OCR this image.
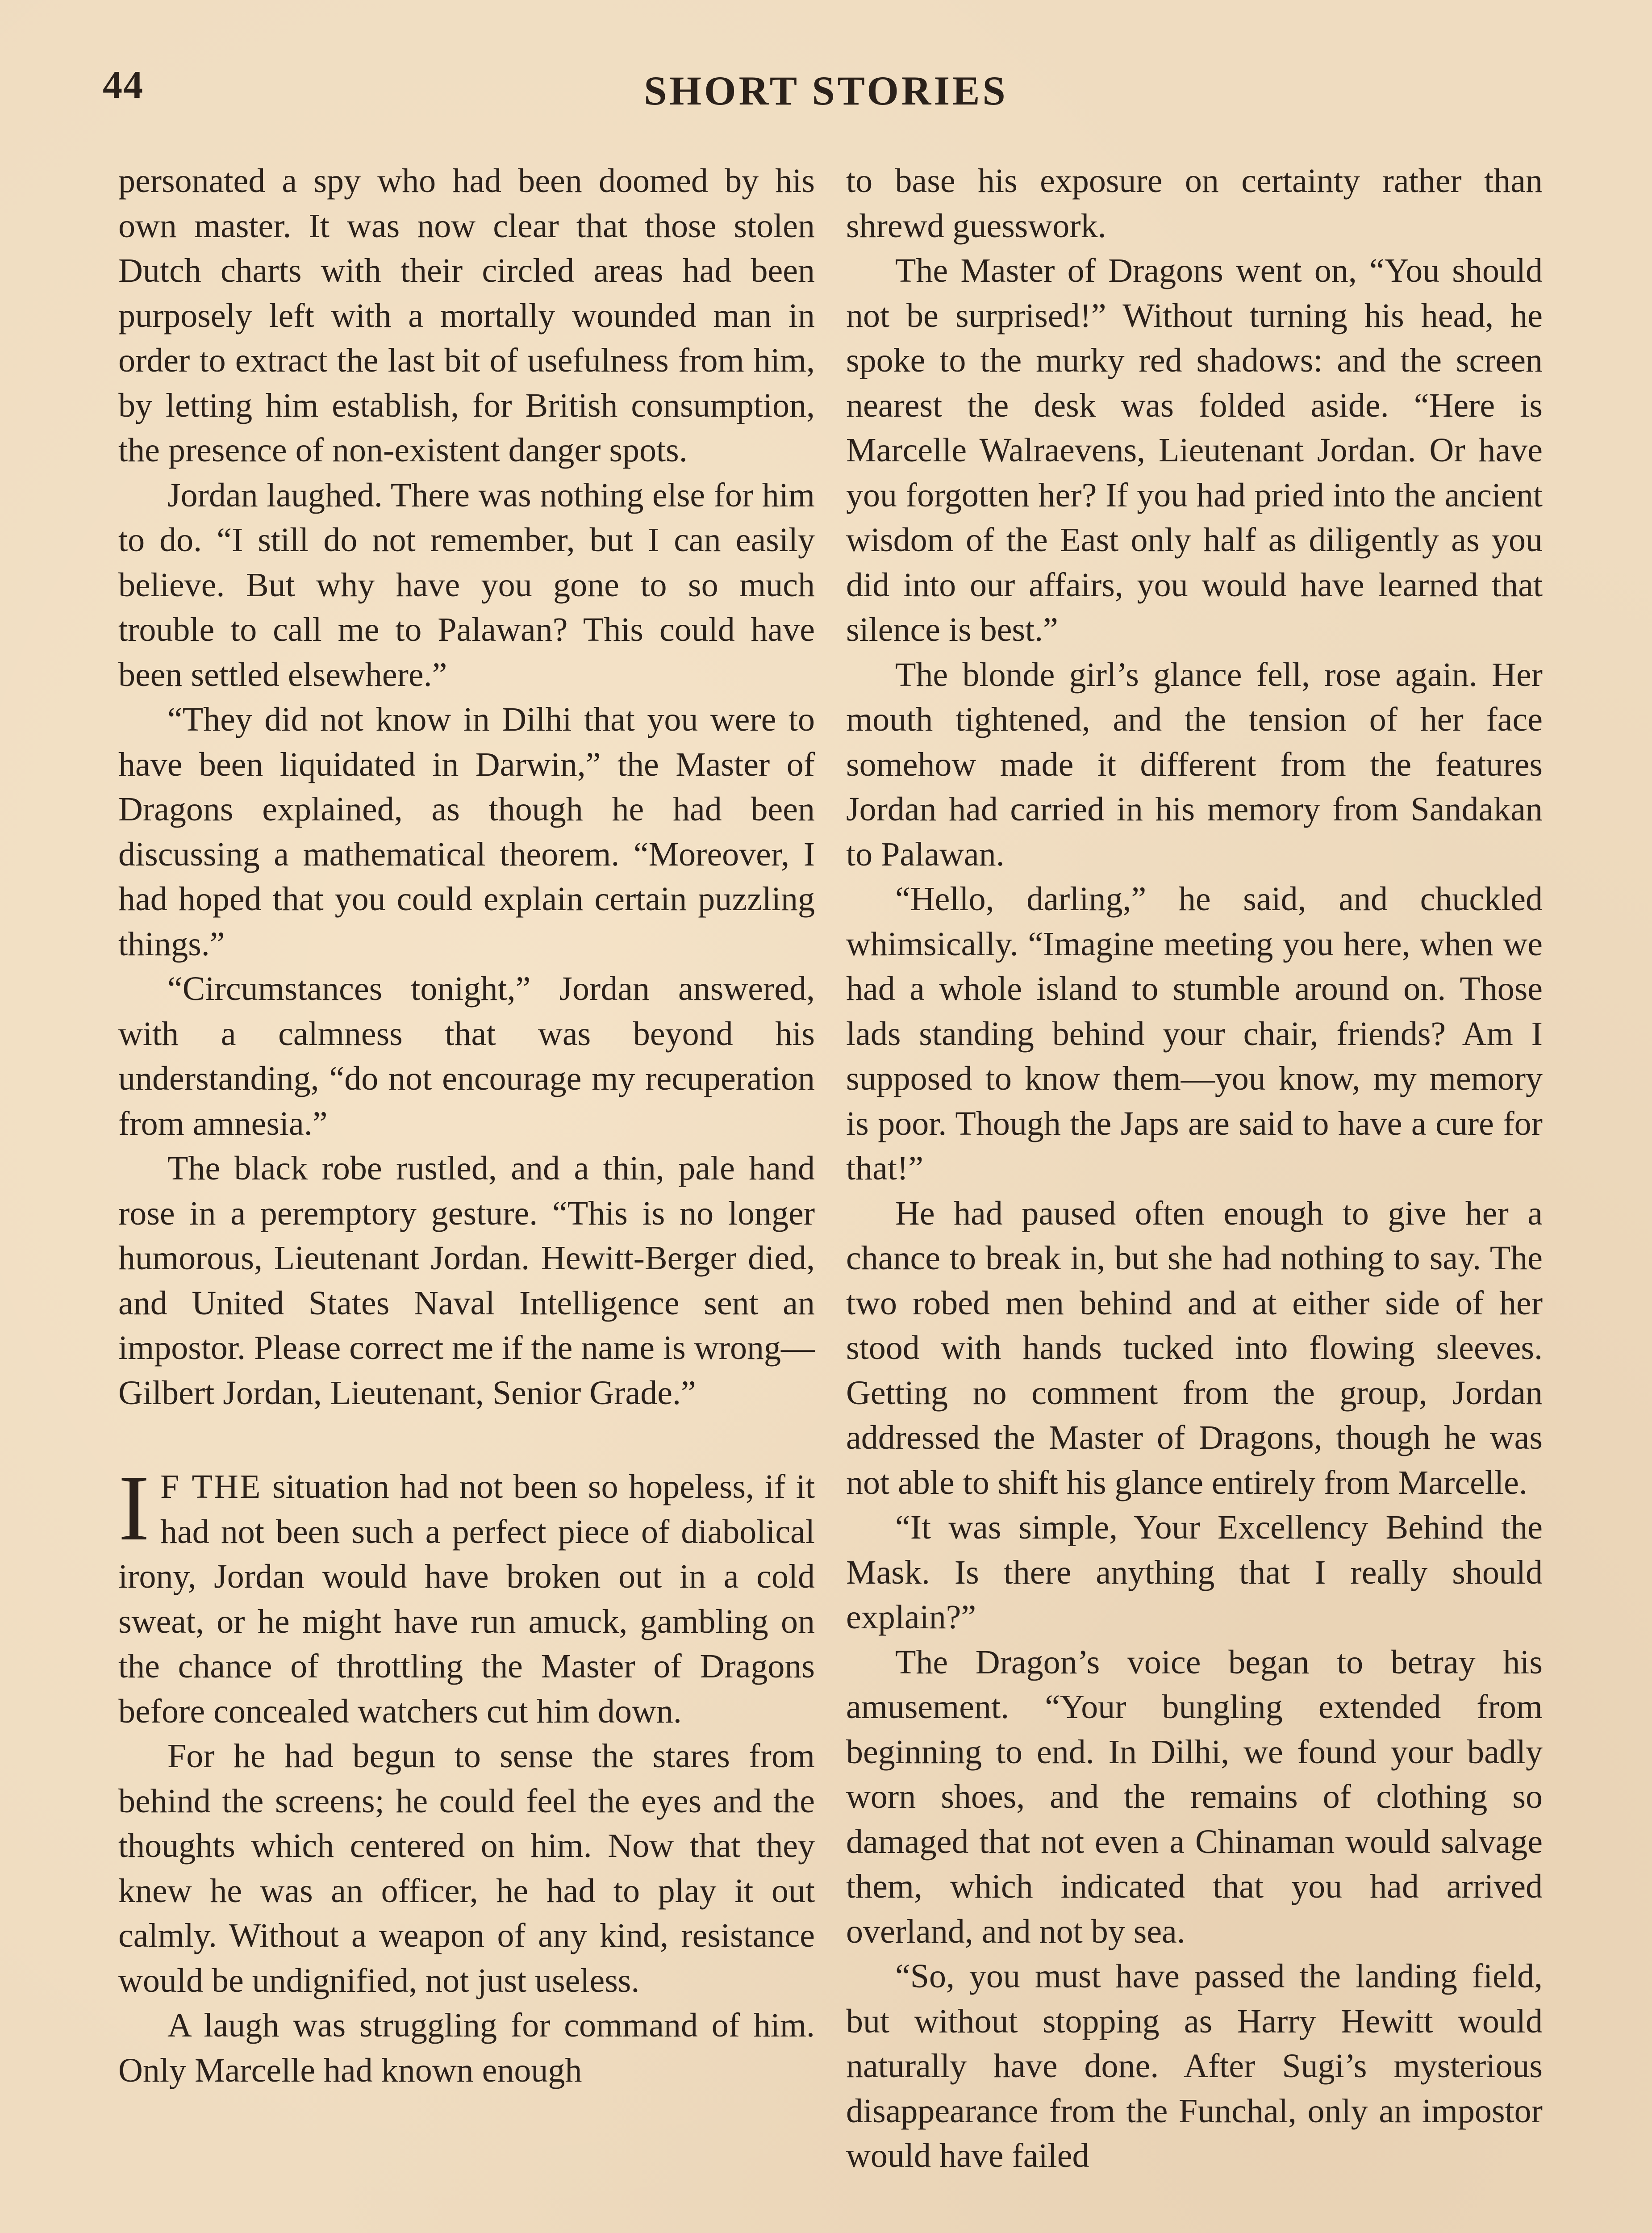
44	SHORT STORIES

personated a spy who had been doomed by his own master. It was now clear that those stolen Dutch charts with their circled areas had been purposely left with a mortally wounded man in order to extract the last bit of usefulness from him, by letting him establish, for British consumption, the presence of non-existent danger spots.

Jordan laughed. There was nothing else for him to do. “I still do not remember, but I can easily believe. But why have you gone to so much trouble to call me to Palawan? This could have been settled elsewhere.”

“They did not know in Dilhi that you were to have been liquidated in Darwin,” the Master of Dragons explained, as though he had been discussing a mathematical theorem. “Moreover, I had hoped that you could explain certain puzzling things.”

“Circumstances tonight,” Jordan answered, with a calmness that was beyond his understanding, “do not encourage my recuperation from amnesia.”

The black robe rustled, and a thin, pale hand rose in a peremptory gesture. “This is no longer humorous, Lieutenant Jordan. Hewitt-Berger died, and United States Naval Intelligence sent an impostor. Please correct me if the name is wrong—Gilbert Jordan, Lieutenant, Senior Grade.”

I F THE situation had not been so hopeless, if it had not been such a perfect piece of diabolical irony, Jordan would have broken out in a cold sweat, or he might have run amuck, gambling on the chance of throttling the Master of Dragons before concealed watchers cut him down.

For he had begun to sense the stares from behind the screens; he could feel the eyes and the thoughts which centered on him. Now that they knew he was an officer, he had to play it out calmly. Without a weapon of any kind, resistance would be undignified, not just useless.

A laugh was struggling for command of him. Only Marcelle had known enough

to base his exposure on certainty rather than shrewd guesswork.

The Master of Dragons went on, “You should not be surprised!” Without turning his head, he spoke to the murky red shadows: and the screen nearest the desk was folded aside. “Here is Marcelle Walraevens, Lieutenant Jordan. Or have you forgotten her? If you had pried into the ancient wisdom of the East only half as diligently as you did into our affairs, you would have learned that silence is best.”

The blonde girl’s glance fell, rose again. Her mouth tightened, and the tension of her face somehow made it different from the features Jordan had carried in his memory from Sandakan to Palawan.

“Hello, darling,” he said, and chuckled whimsically. “Imagine meeting you here, when we had a whole island to stumble around on. Those lads standing behind your chair, friends? Am I supposed to know them—you know, my memory is poor. Though the Japs are said to have a cure for that!”

He had paused often enough to give her a chance to break in, but she had nothing to say. The two robed men behind and at either side of her stood with hands tucked into flowing sleeves. Getting no comment from the group, Jordan addressed the Master of Dragons, though he was not able to shift his glance entirely from Marcelle.

“It was simple, Your Excellency Behind the Mask. Is there anything that I really should explain?”

The Dragon’s voice began to betray his amusement. “Your bungling extended from beginning to end. In Dilhi, we found your badly worn shoes, and the remains of clothing so damaged that not even a Chinaman would salvage them, which indicated that you had arrived overland, and not by sea.

“So, you must have passed the landing field, but without stopping as Harry Hewitt would naturally have done. After Sugi’s mysterious disappearance from the Funchal, only an impostor would have failed
